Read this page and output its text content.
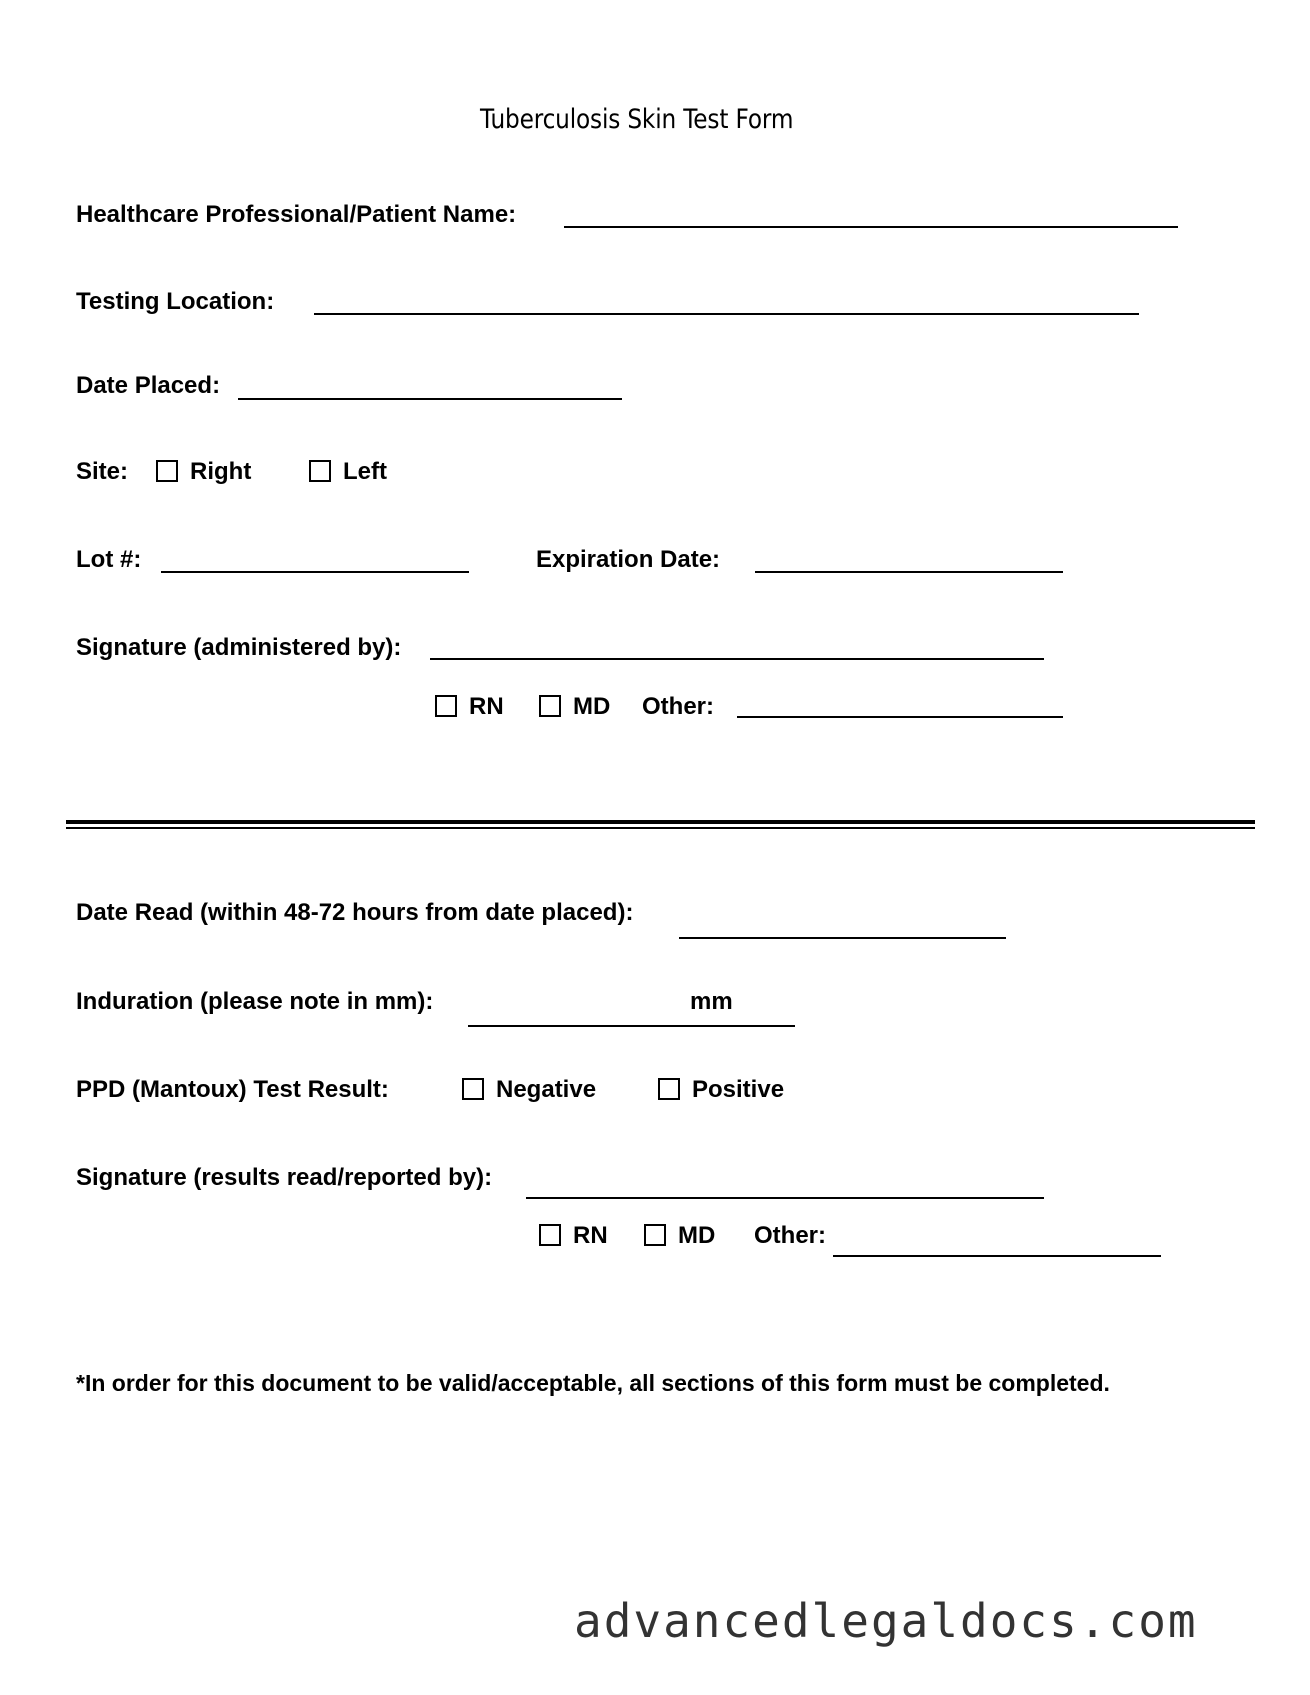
Tuberculosis Skin Test Form
Healthcare Professional/Patient Name:
Testing Location:
Date Placed:
Site:	Right	Left
Lot #:	Expiration Date:
Signature (administered by):
RN	MD Other:
Date Read (within 48-72 hours from date placed):
Induration (please note in mm):	mm
PPD (Mantoux) Test Result:	Negative	Positive
Signature (results read/reported by):
RN	MD Other:
*In order for this document to be valid/acceptable, all sections of this form must be completed.
advancedlegaldocs.com
